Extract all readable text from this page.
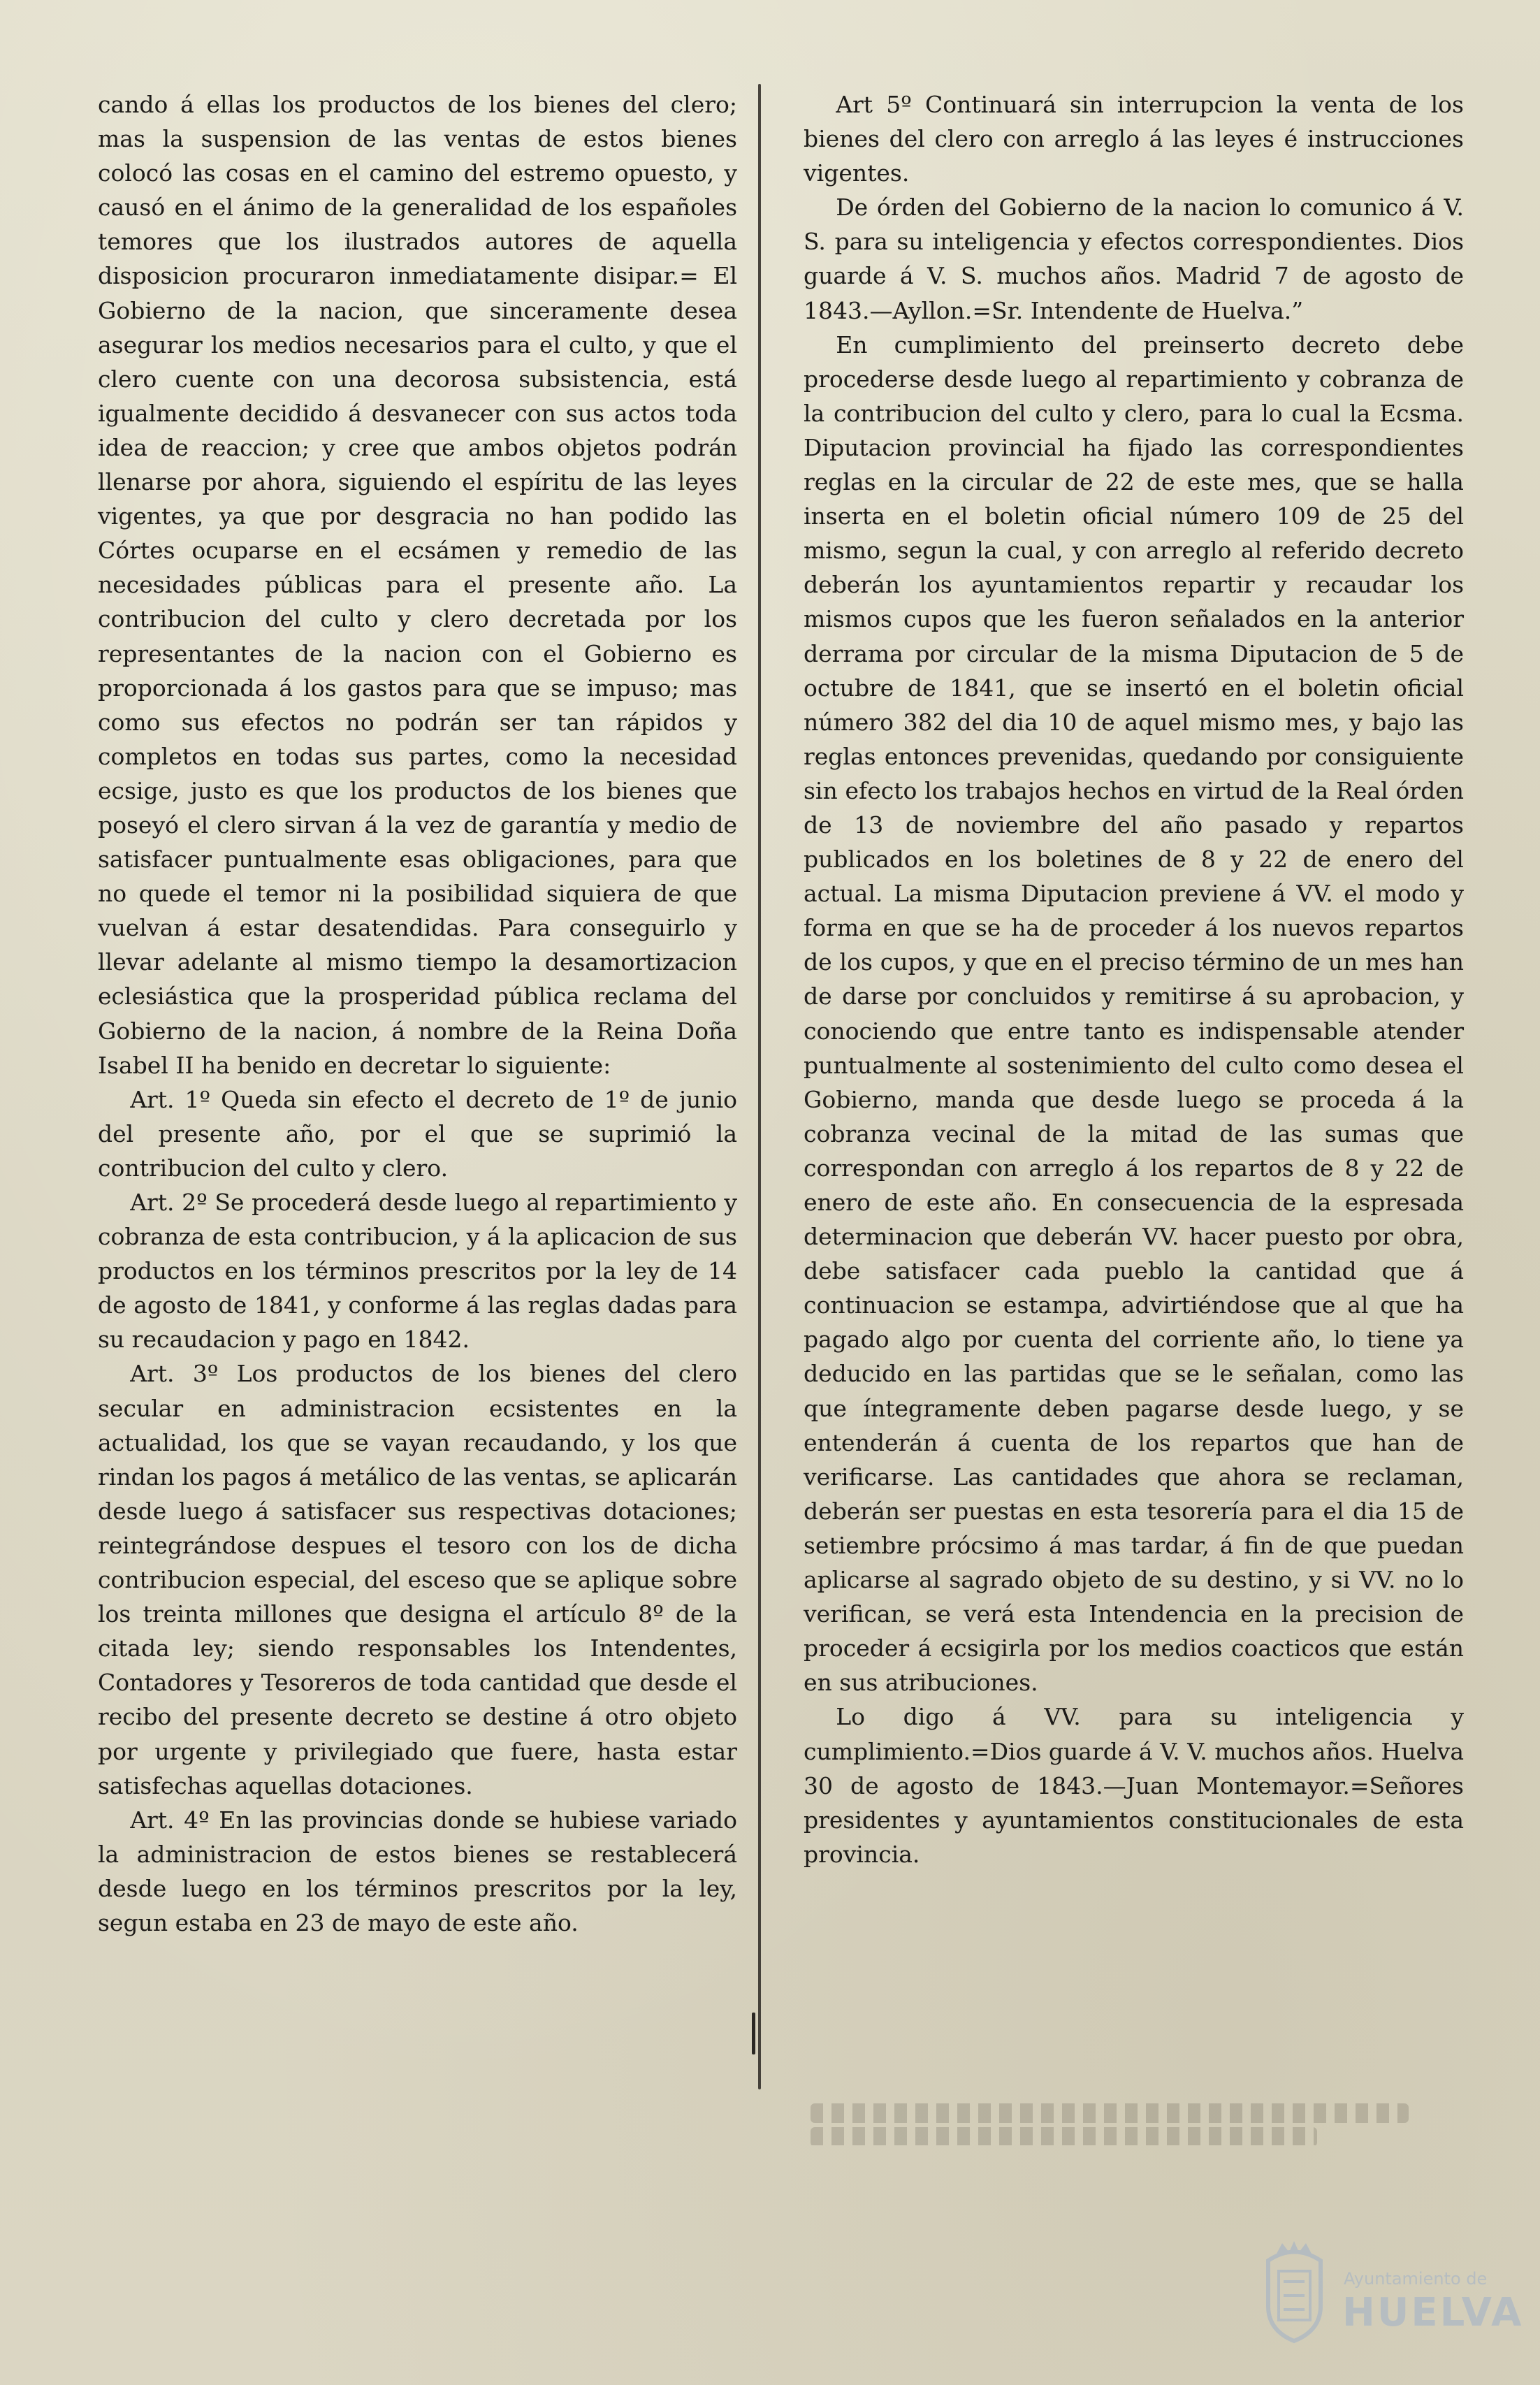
cando á ellas los productos de los bienes del clero; mas la suspension de las ventas de estos bienes colocó las cosas en el camino del estremo opuesto, y causó en el ánimo de la generalidad de los españoles temores que los ilustrados autores de aquella disposicion procuraron inmediatamente disipar.= El Gobierno de la nacion, que sinceramente desea asegurar los medios necesarios para el culto, y que el clero cuente con una decorosa subsistencia, está igualmente decidido á desvanecer con sus actos toda idea de reaccion; y cree que ambos objetos podrán llenarse por ahora, siguiendo el espíritu de las leyes vigentes, ya que por desgracia no han podido las Córtes ocuparse en el ecsámen y remedio de las necesidades públicas para el presente año. La contribucion del culto y clero decretada por los representantes de la nacion con el Gobierno es proporcionada á los gastos para que se impuso; mas como sus efectos no podrán ser tan rápidos y completos en todas sus partes, como la necesidad ecsige, justo es que los productos de los bienes que poseyó el clero sirvan á la vez de garantía y medio de satisfacer puntualmente esas obligaciones, para que no quede el temor ni la posibilidad siquiera de que vuelvan á estar desatendidas. Para conseguirlo y llevar adelante al mismo tiempo la desamortizacion eclesiástica que la prosperidad pública reclama del Gobierno de la nacion, á nombre de la Reina Doña Isabel II ha benido en decretar lo siguiente:

Art. 1º Queda sin efecto el decreto de 1º de junio del presente año, por el que se suprimió la contribucion del culto y clero.

Art. 2º Se procederá desde luego al repartimiento y cobranza de esta contribucion, y á la aplicacion de sus productos en los términos prescritos por la ley de 14 de agosto de 1841, y conforme á las reglas dadas para su recaudacion y pago en 1842.

Art. 3º Los productos de los bienes del clero secular en administracion ecsistentes en la actualidad, los que se vayan recaudando, y los que rindan los pagos á metálico de las ventas, se aplicarán desde luego á satisfacer sus respectivas dotaciones; reintegrándose despues el tesoro con los de dicha contribucion especial, del esceso que se aplique sobre los treinta millones que designa el artículo 8º de la citada ley; siendo responsables los Intendentes, Contadores y Tesoreros de toda cantidad que desde el recibo del presente decreto se destine á otro objeto por urgente y privilegiado que fuere, hasta estar satisfechas aquellas dotaciones.

Art. 4º En las provincias donde se hubiese variado la administracion de estos bienes se restablecerá desde luego en los términos prescritos por la ley, segun estaba en 23 de mayo de este año.

Art 5º Continuará sin interrupcion la venta de los bienes del clero con arreglo á las leyes é instrucciones vigentes.

De órden del Gobierno de la nacion lo comunico á V. S. para su inteligencia y efectos correspondientes. Dios guarde á V. S. muchos años. Madrid 7 de agosto de 1843.—Ayllon.=Sr. Intendente de Huelva.”

En cumplimiento del preinserto decreto debe procederse desde luego al repartimiento y cobranza de la contribucion del culto y clero, para lo cual la Ecsma. Diputacion provincial ha fijado las correspondientes reglas en la circular de 22 de este mes, que se halla inserta en el boletin oficial número 109 de 25 del mismo, segun la cual, y con arreglo al referido decreto deberán los ayuntamientos repartir y recaudar los mismos cupos que les fueron señalados en la anterior derrama por circular de la misma Diputacion de 5 de octubre de 1841, que se insertó en el boletin oficial número 382 del dia 10 de aquel mismo mes, y bajo las reglas entonces prevenidas, quedando por consiguiente sin efecto los trabajos hechos en virtud de la Real órden de 13 de noviembre del año pasado y repartos publicados en los boletines de 8 y 22 de enero del actual. La misma Diputacion previene á VV. el modo y forma en que se ha de proceder á los nuevos repartos de los cupos, y que en el preciso término de un mes han de darse por concluidos y remitirse á su aprobacion, y conociendo que entre tanto es indispensable atender puntualmente al sostenimiento del culto como desea el Gobierno, manda que desde luego se proceda á la cobranza vecinal de la mitad de las sumas que correspondan con arreglo á los repartos de 8 y 22 de enero de este año. En consecuencia de la espresada determinacion que deberán VV. hacer puesto por obra, debe satisfacer cada pueblo la cantidad que á continuacion se estampa, advirtiéndose que al que ha pagado algo por cuenta del corriente año, lo tiene ya deducido en las partidas que se le señalan, como las que íntegramente deben pagarse desde luego, y se entenderán á cuenta de los repartos que han de verificarse. Las cantidades que ahora se reclaman, deberán ser puestas en esta tesorería para el dia 15 de setiembre prócsimo á mas tardar, á fin de que puedan aplicarse al sagrado objeto de su destino, y si VV. no lo verifican, se verá esta Intendencia en la precision de proceder á ecsigirla por los medios coacticos que están en sus atribuciones.

Lo digo á VV. para su inteligencia y cumplimiento.=Dios guarde á V. V. muchos años. Huelva 30 de agosto de 1843.—Juan Montemayor.=Señores presidentes y ayuntamientos constitucionales de esta provincia.

Ayuntamiento de
HUELVA
